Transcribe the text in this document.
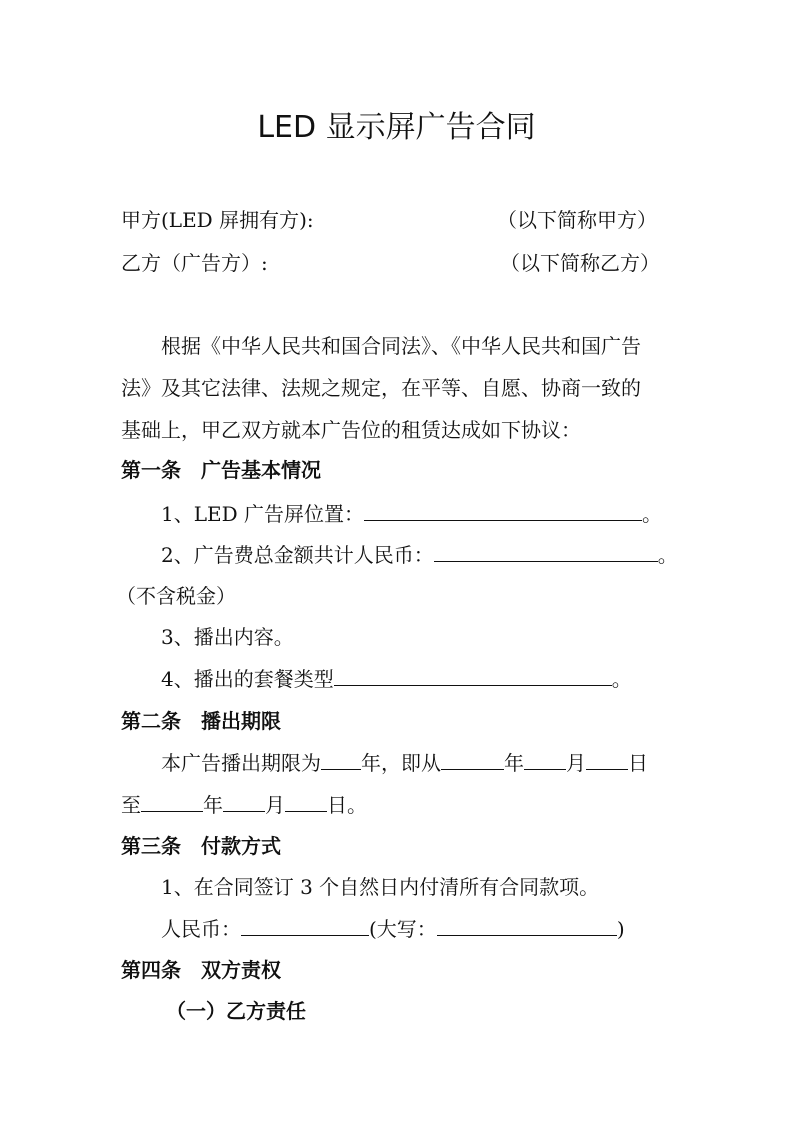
LED 显示屏广告合同
甲方(LED 屏拥有方):	（以下简称甲方）
乙方（广告方）:	（以下简称乙方）
根据《中华人民共和国合同法》、《中华人民共和国广告
法》及其它法律、法规之规定，在平等、自愿、协商一致的
基础上，甲乙双方就本广告位的租赁达成如下协议：
第一条　广告基本情况
1、LED 广告屏位置：	。
2、广告费总金额共计人民币：	。
（不含税金）
3、播出内容。
4、播出的套餐类型	。
第二条　播出期限
本广告播出期限为 年，即从	年 月 日
至	年 月 日。
第三条　付款方式
1、在合同签订 3 个自然日内付清所有合同款项。
人民币：	(大写：	)
第四条　双方责权
（一）乙方责任
